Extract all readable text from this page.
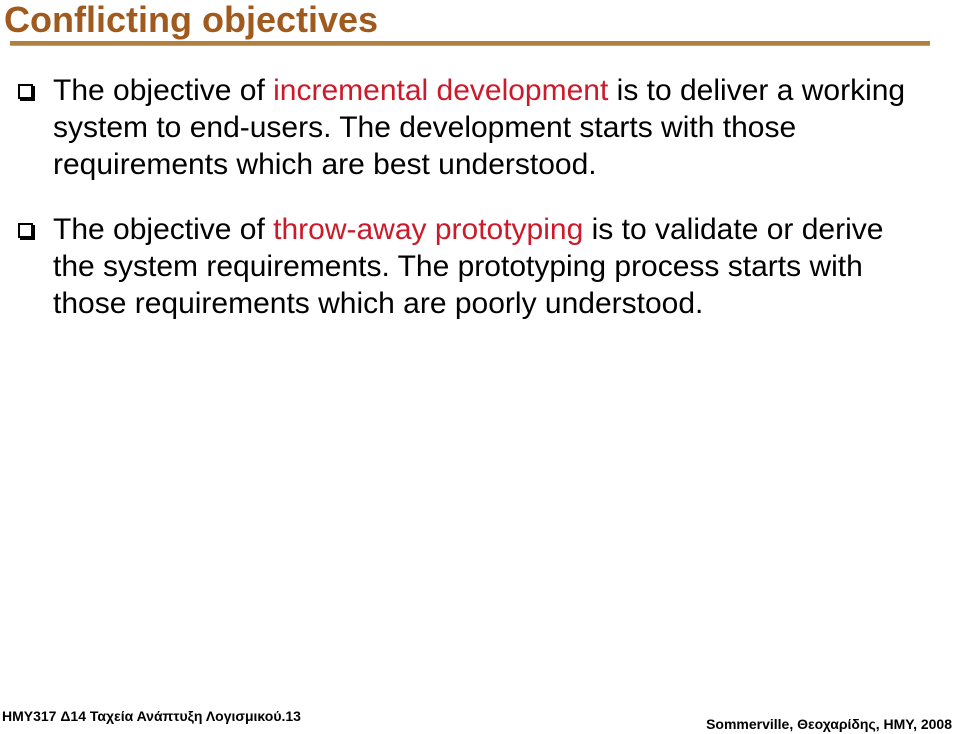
Conflicting objectives
The objective of incremental development is to deliver a working system to end-users. The development starts with those requirements which are best understood.
The objective of throw-away prototyping is to validate or derive the system requirements. The prototyping process starts with those requirements which are poorly understood.
HMY317 Δ14 Ταχεία Ανάπτυξη Λογισμικού.13	Sommerville, Θεοχαρίδης, HMY, 2008
